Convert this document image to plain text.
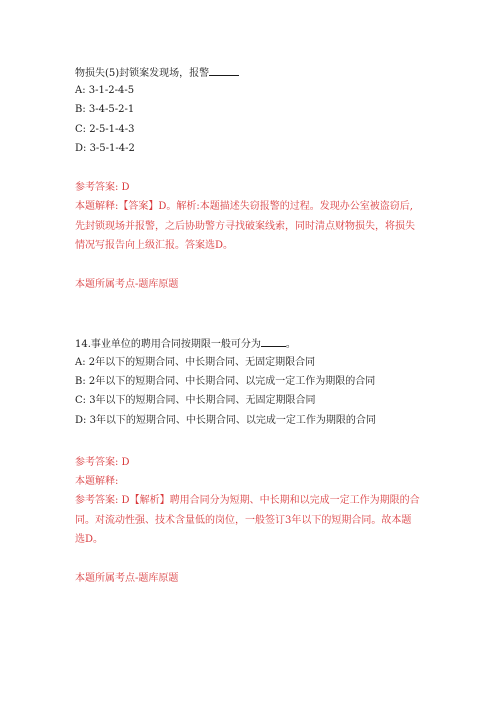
物损失(5)封锁案发现场，报警
A: 3-1-2-4-5
B: 3-4-5-2-1
C: 2-5-1-4-3
D: 3-5-1-4-2
参考答案: D
本题解释:【答案】D。解析:本题描述失窃报警的过程。发现办公室被盗窃后,
先封锁现场并报警，之后协助警方寻找破案线索，同时清点财物损失，将损失
情况写报告向上级汇报。答案选D。
本题所属考点-题库原题
14.事业单位的聘用合同按期限一般可分为	。
A: 2年以下的短期合同、中长期合同、无固定期限合同
B: 2年以下的短期合同、中长期合同、以完成一定工作为期限的合同
C: 3年以下的短期合同、中长期合同、无固定期限合同
D: 3年以下的短期合同、中长期合同、以完成一定工作为期限的合同
参考答案: D
本题解释:
参考答案: D【解析】聘用合同分为短期、中长期和以完成一定工作为期限的合
同。对流动性强、技术含量低的岗位，一般签订3年以下的短期合同。故本题
选D。
本题所属考点-题库原题
